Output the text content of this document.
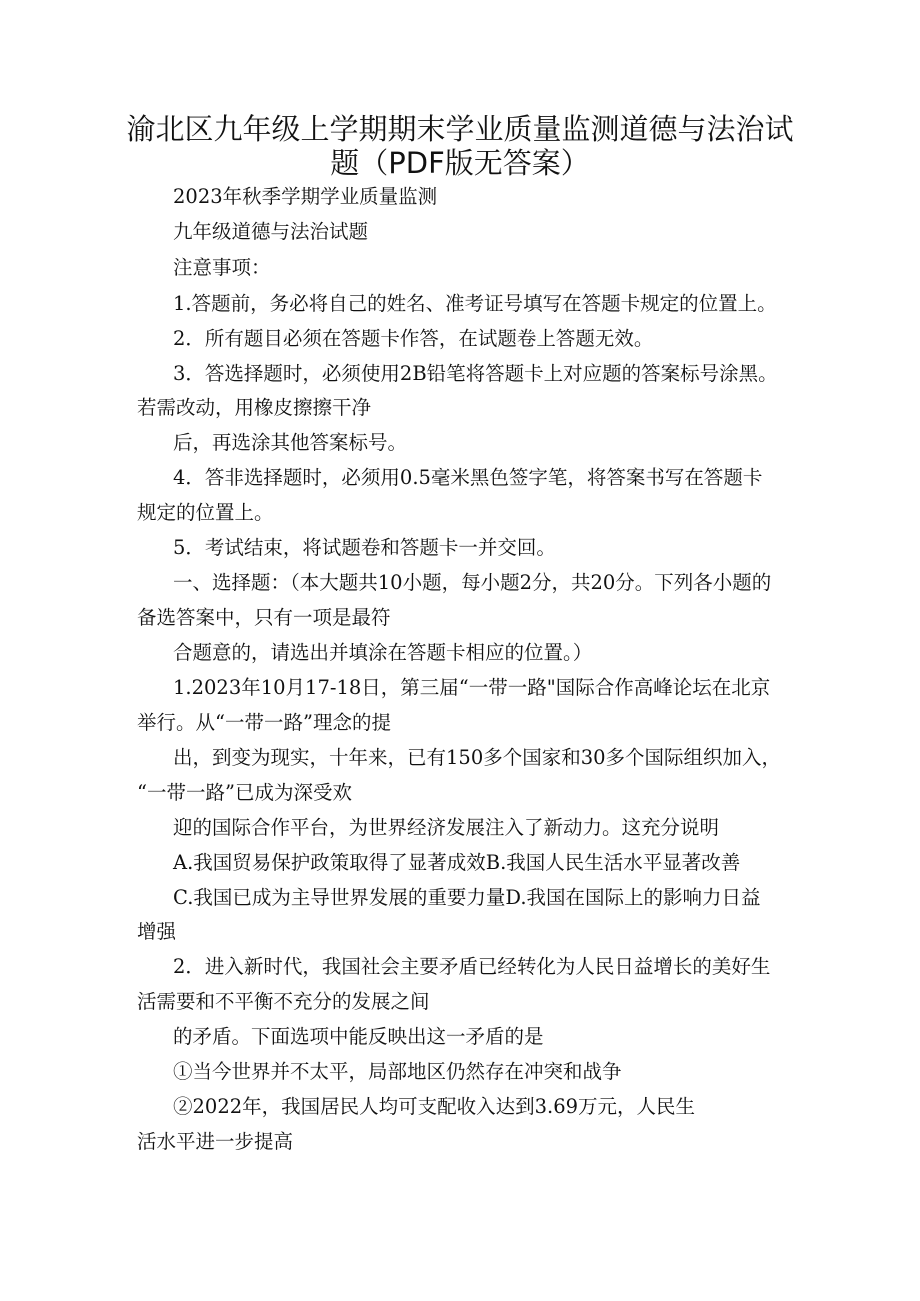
渝北区九年级上学期期末学业质量监测道德与法治试
题（PDF版无答案）
2023年秋季学期学业质量监测
九年级道德与法治试题
注意事项：
1.答题前，务必将自己的姓名、准考证号填写在答题卡规定的位置上。
2．所有题目必须在答题卡作答，在试题卷上答题无效。
3．答选择题时，必须使用2B铅笔将答题卡上对应题的答案标号涂黑。
若需改动，用橡皮擦擦干净
后，再选涂其他答案标号。
4．答非选择题时，必须用0.5毫米黑色签字笔，将答案书写在答题卡
规定的位置上。
5．考试结束，将试题卷和答题卡一并交回。
一、选择题：（本大题共10小题，每小题2分，共20分。下列各小题的
备选答案中，只有一项是最符
合题意的，请选出并填涂在答题卡相应的位置。）
1.2023年10月17-18日，第三届“一带一路"国际合作高峰论坛在北京
举行。从“一带一路”理念的提
出，到变为现实，十年来，已有150多个国家和30多个国际组织加入，
“一带一路”已成为深受欢
迎的国际合作平台，为世界经济发展注入了新动力。这充分说明
A.我国贸易保护政策取得了显著成效B.我国人民生活水平显著改善
C.我国已成为主导世界发展的重要力量D.我国在国际上的影响力日益
增强
2．进入新时代，我国社会主要矛盾已经转化为人民日益增长的美好生
活需要和不平衡不充分的发展之间
的矛盾。下面选项中能反映出这一矛盾的是
①当今世界并不太平，局部地区仍然存在冲突和战争
②2022年，我国居民人均可支配收入达到3.69万元，人民生
活水平进一步提高
